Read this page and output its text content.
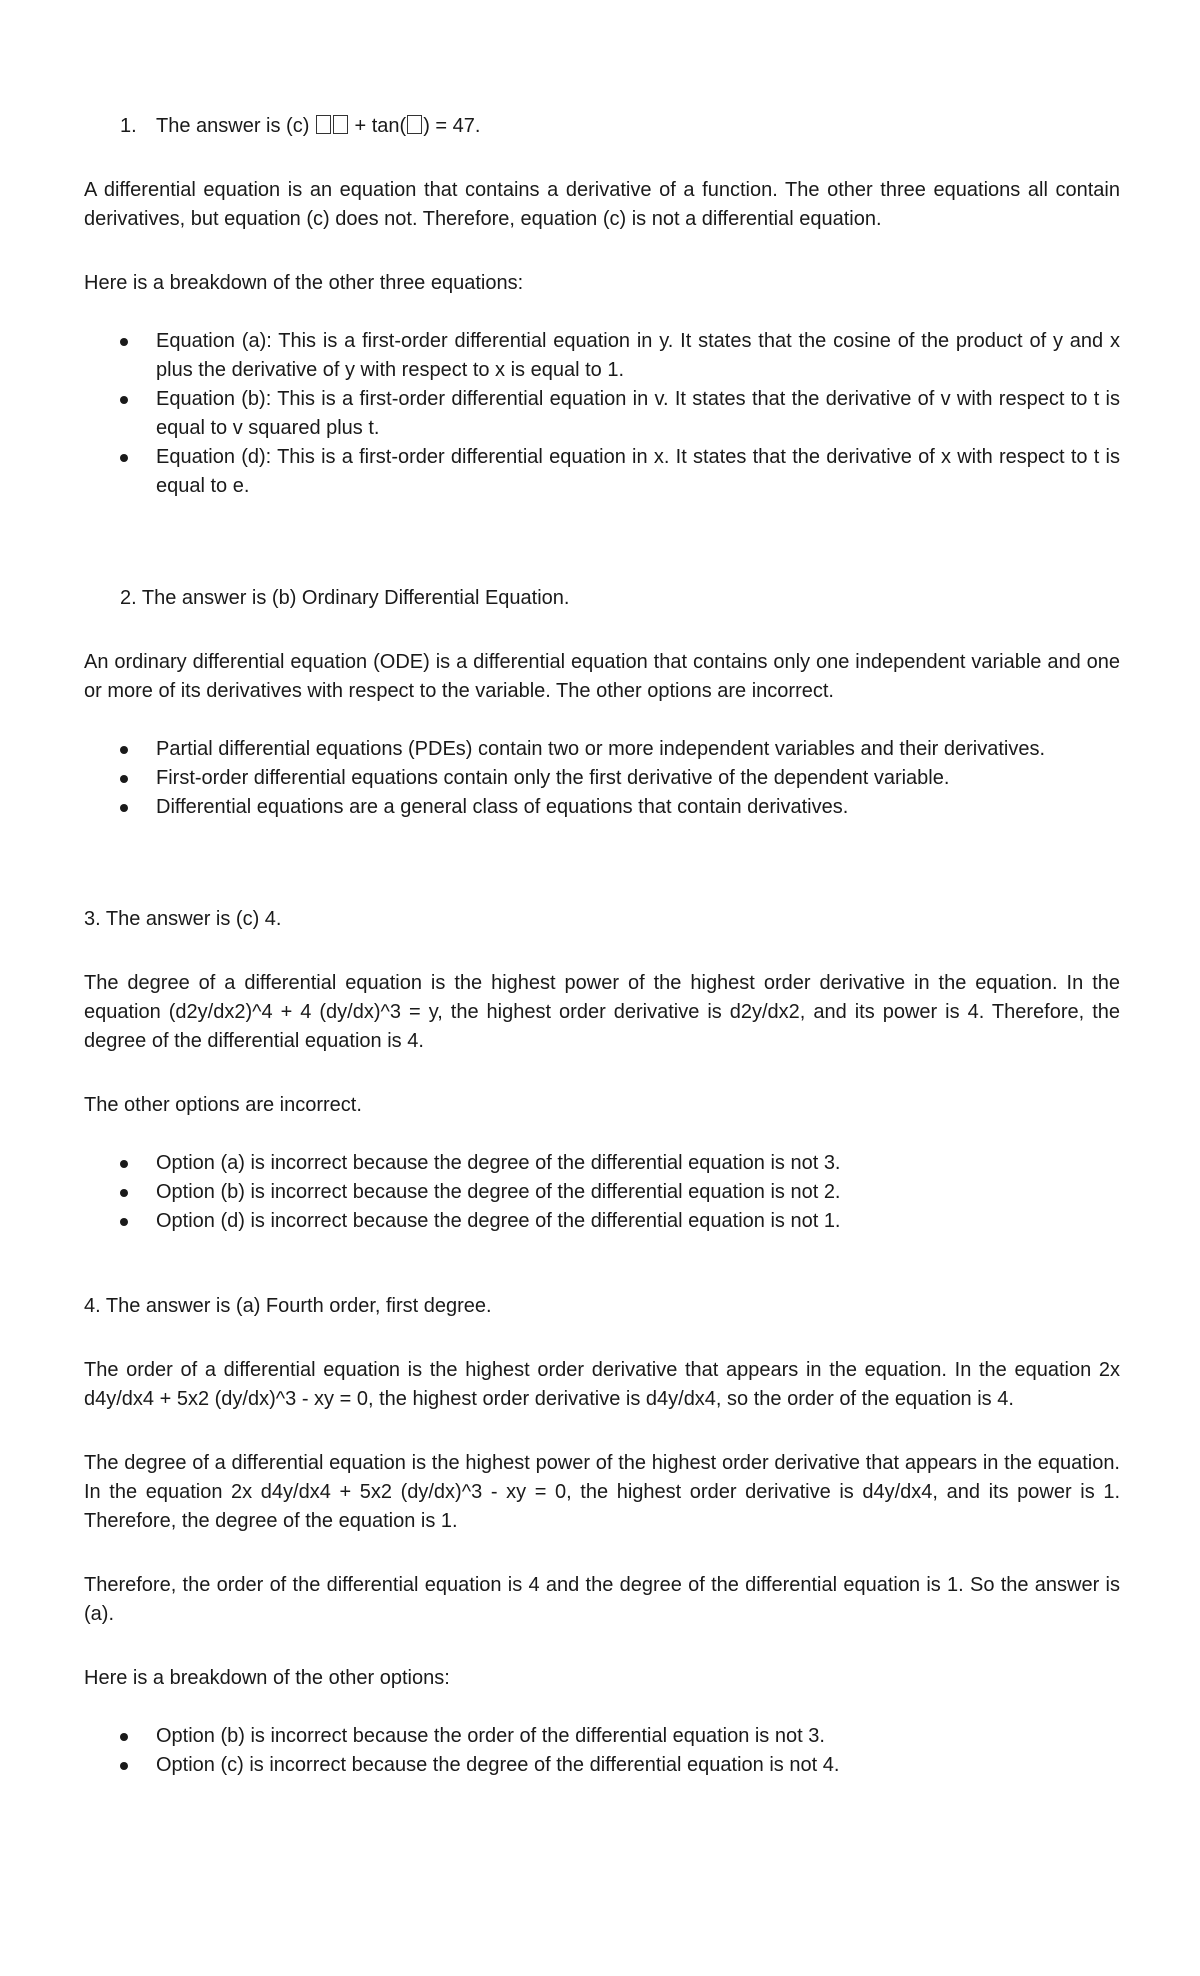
1. The answer is (c) + tan( ) = 47.

A differential equation is an equation that contains a derivative of a function. The other three equations all contain derivatives, but equation (c) does not. Therefore, equation (c) is not a differential equation.

Here is a breakdown of the other three equations:

Equation (a): This is a first-order differential equation in y. It states that the cosine of the product of y and x plus the derivative of y with respect to x is equal to 1.
Equation (b): This is a first-order differential equation in v. It states that the derivative of v with respect to t is equal to v squared plus t.
Equation (d): This is a first-order differential equation in x. It states that the derivative of x with respect to t is equal to e.

2. The answer is (b) Ordinary Differential Equation.

An ordinary differential equation (ODE) is a differential equation that contains only one independent variable and one or more of its derivatives with respect to the variable. The other options are incorrect.

Partial differential equations (PDEs) contain two or more independent variables and their derivatives.
First-order differential equations contain only the first derivative of the dependent variable.
Differential equations are a general class of equations that contain derivatives.

3. The answer is (c) 4.

The degree of a differential equation is the highest power of the highest order derivative in the equation. In the equation (d2y/dx2)^4 + 4 (dy/dx)^3 = y, the highest order derivative is d2y/dx2, and its power is 4. Therefore, the degree of the differential equation is 4.

The other options are incorrect.

Option (a) is incorrect because the degree of the differential equation is not 3.
Option (b) is incorrect because the degree of the differential equation is not 2.
Option (d) is incorrect because the degree of the differential equation is not 1.

4. The answer is (a) Fourth order, first degree.

The order of a differential equation is the highest order derivative that appears in the equation. In the equation 2x d4y/dx4 + 5x2 (dy/dx)^3 - xy = 0, the highest order derivative is d4y/dx4, so the order of the equation is 4.

The degree of a differential equation is the highest power of the highest order derivative that appears in the equation. In the equation 2x d4y/dx4 + 5x2 (dy/dx)^3 - xy = 0, the highest order derivative is d4y/dx4, and its power is 1. Therefore, the degree of the equation is 1.

Therefore, the order of the differential equation is 4 and the degree of the differential equation is 1. So the answer is (a).

Here is a breakdown of the other options:

Option (b) is incorrect because the order of the differential equation is not 3.
Option (c) is incorrect because the degree of the differential equation is not 4.
